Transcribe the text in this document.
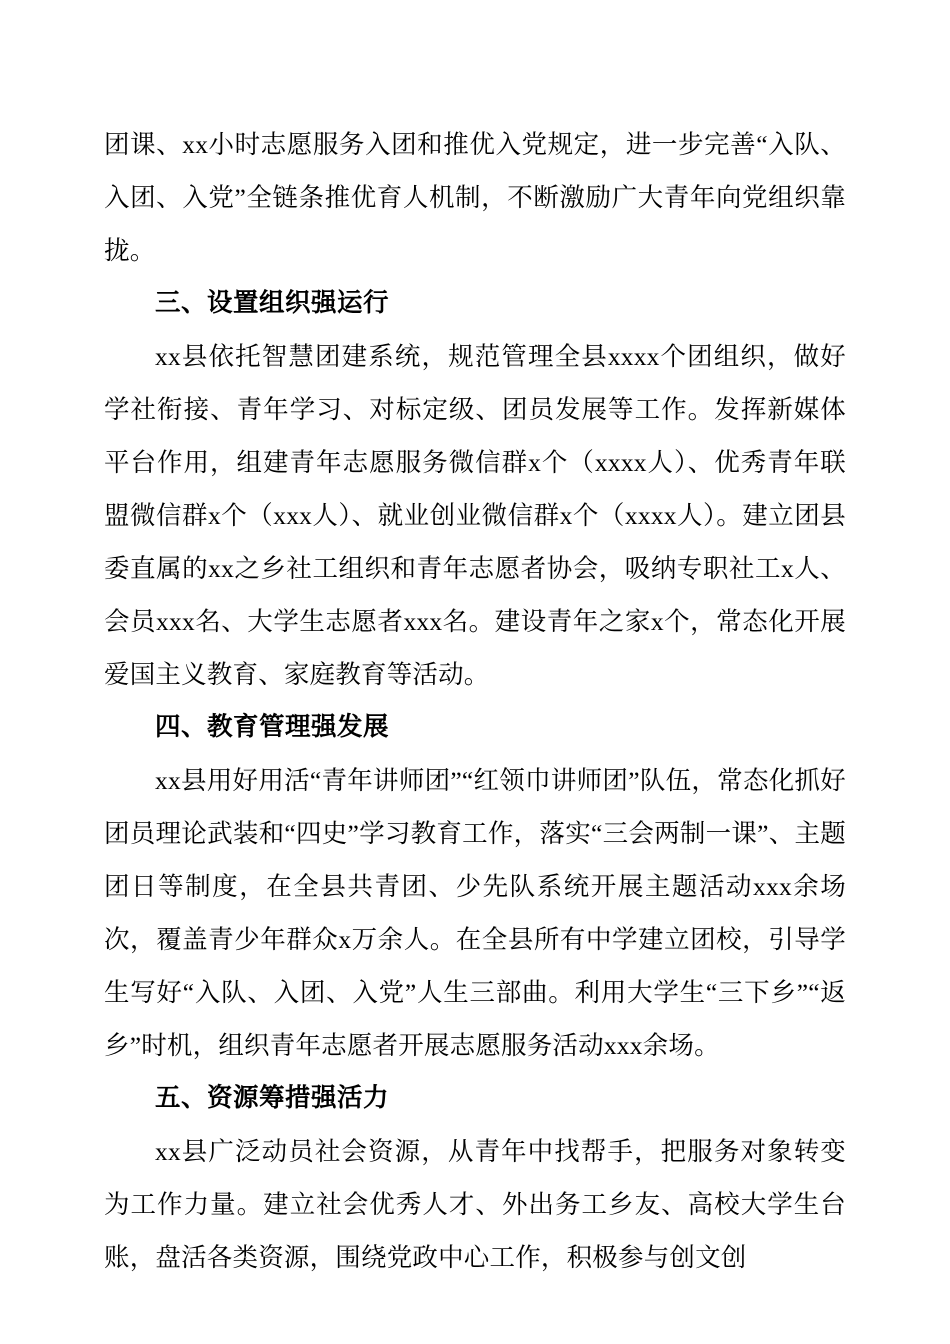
团课、xx小时志愿服务入团和推优入党规定，进一步完善“入队、入团、入党”全链条推优育人机制，不断激励广大青年向党组织靠拢。

三、设置组织强运行

xx县依托智慧团建系统，规范管理全县xxxx个团组织，做好学社衔接、青年学习、对标定级、团员发展等工作。发挥新媒体平台作用，组建青年志愿服务微信群x个（xxxx人）、优秀青年联盟微信群x个（xxx人）、就业创业微信群x个（xxxx人）。建立团县委直属的xx之乡社工组织和青年志愿者协会，吸纳专职社工x人、会员xxx名、大学生志愿者xxx名。建设青年之家x个，常态化开展爱国主义教育、家庭教育等活动。

四、教育管理强发展

xx县用好用活“青年讲师团”“红领巾讲师团”队伍，常态化抓好团员理论武装和“四史”学习教育工作，落实“三会两制一课”、主题团日等制度，在全县共青团、少先队系统开展主题活动xxx余场次，覆盖青少年群众x万余人。在全县所有中学建立团校，引导学生写好“入队、入团、入党”人生三部曲。利用大学生“三下乡”“返乡”时机，组织青年志愿者开展志愿服务活动xxx余场。

五、资源筹措强活力

xx县广泛动员社会资源，从青年中找帮手，把服务对象转变为工作力量。建立社会优秀人才、外出务工乡友、高校大学生台账，盘活各类资源，围绕党政中心工作，积极参与创文创
